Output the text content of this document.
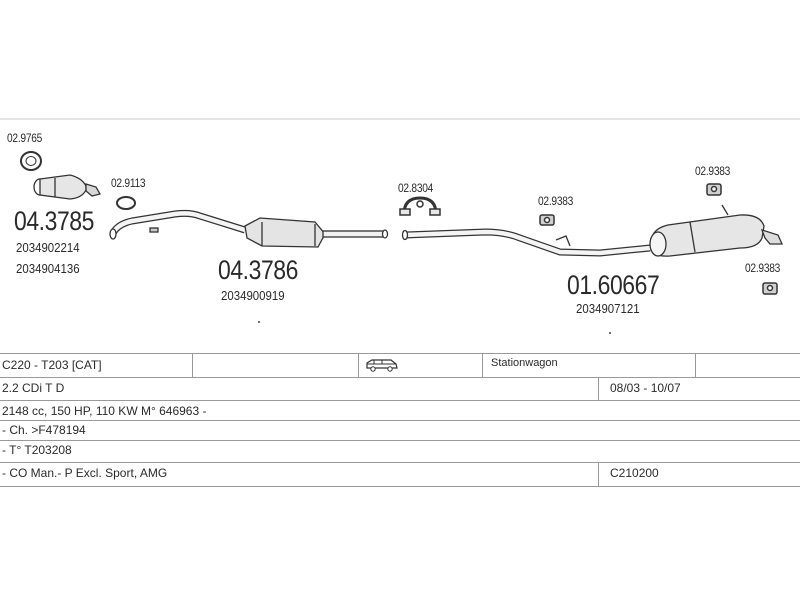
02.9765
02.9113	02.8304
02.9383
02.9383
02.9383
04.3785
2034902214
2034904136	04.3786
2034900919	01.60667
2034907121
C220 - T203 [CAT]	Stationwagon
2.2 CDi T D	08/03 - 10/07
2148 cc, 150 HP, 110 KW M° 646963 -
- Ch. >F478194
- T° T203208
- CO Man.- P Excl. Sport, AMG	C210200
